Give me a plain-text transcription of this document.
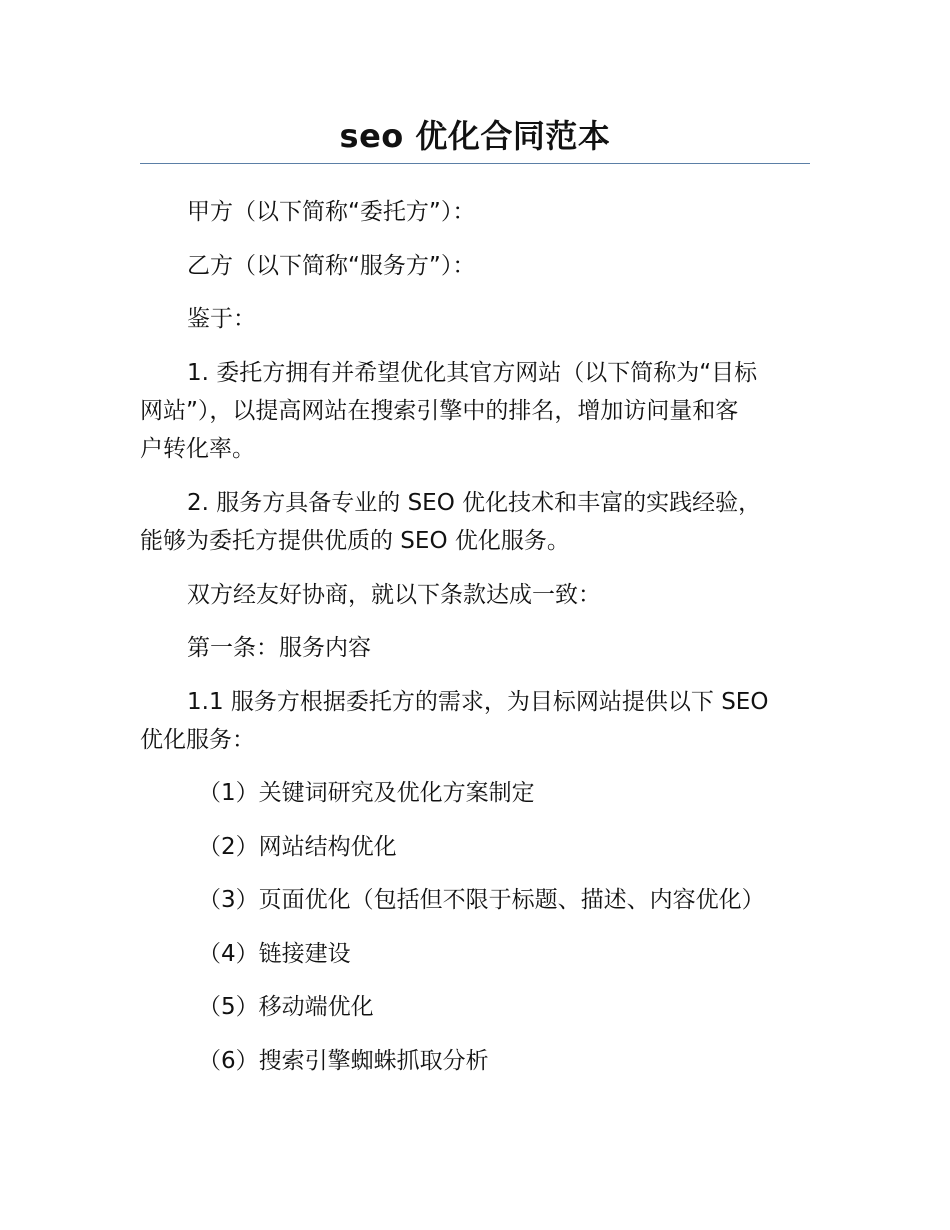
seo 优化合同范本

甲方（以下简称“委托方”）：

乙方（以下简称“服务方”）：

鉴于：

1. 委托方拥有并希望优化其官方网站（以下简称为“目标
网站”），以提高网站在搜索引擎中的排名，增加访问量和客
户转化率。

2. 服务方具备专业的 SEO 优化技术和丰富的实践经验，
能够为委托方提供优质的 SEO 优化服务。

双方经友好协商，就以下条款达成一致：

第一条：服务内容

1.1 服务方根据委托方的需求，为目标网站提供以下 SEO
优化服务：

（1）关键词研究及优化方案制定

（2）网站结构优化

（3）页面优化（包括但不限于标题、描述、内容优化）

（4）链接建设

（5）移动端优化

（6）搜索引擎蜘蛛抓取分析
